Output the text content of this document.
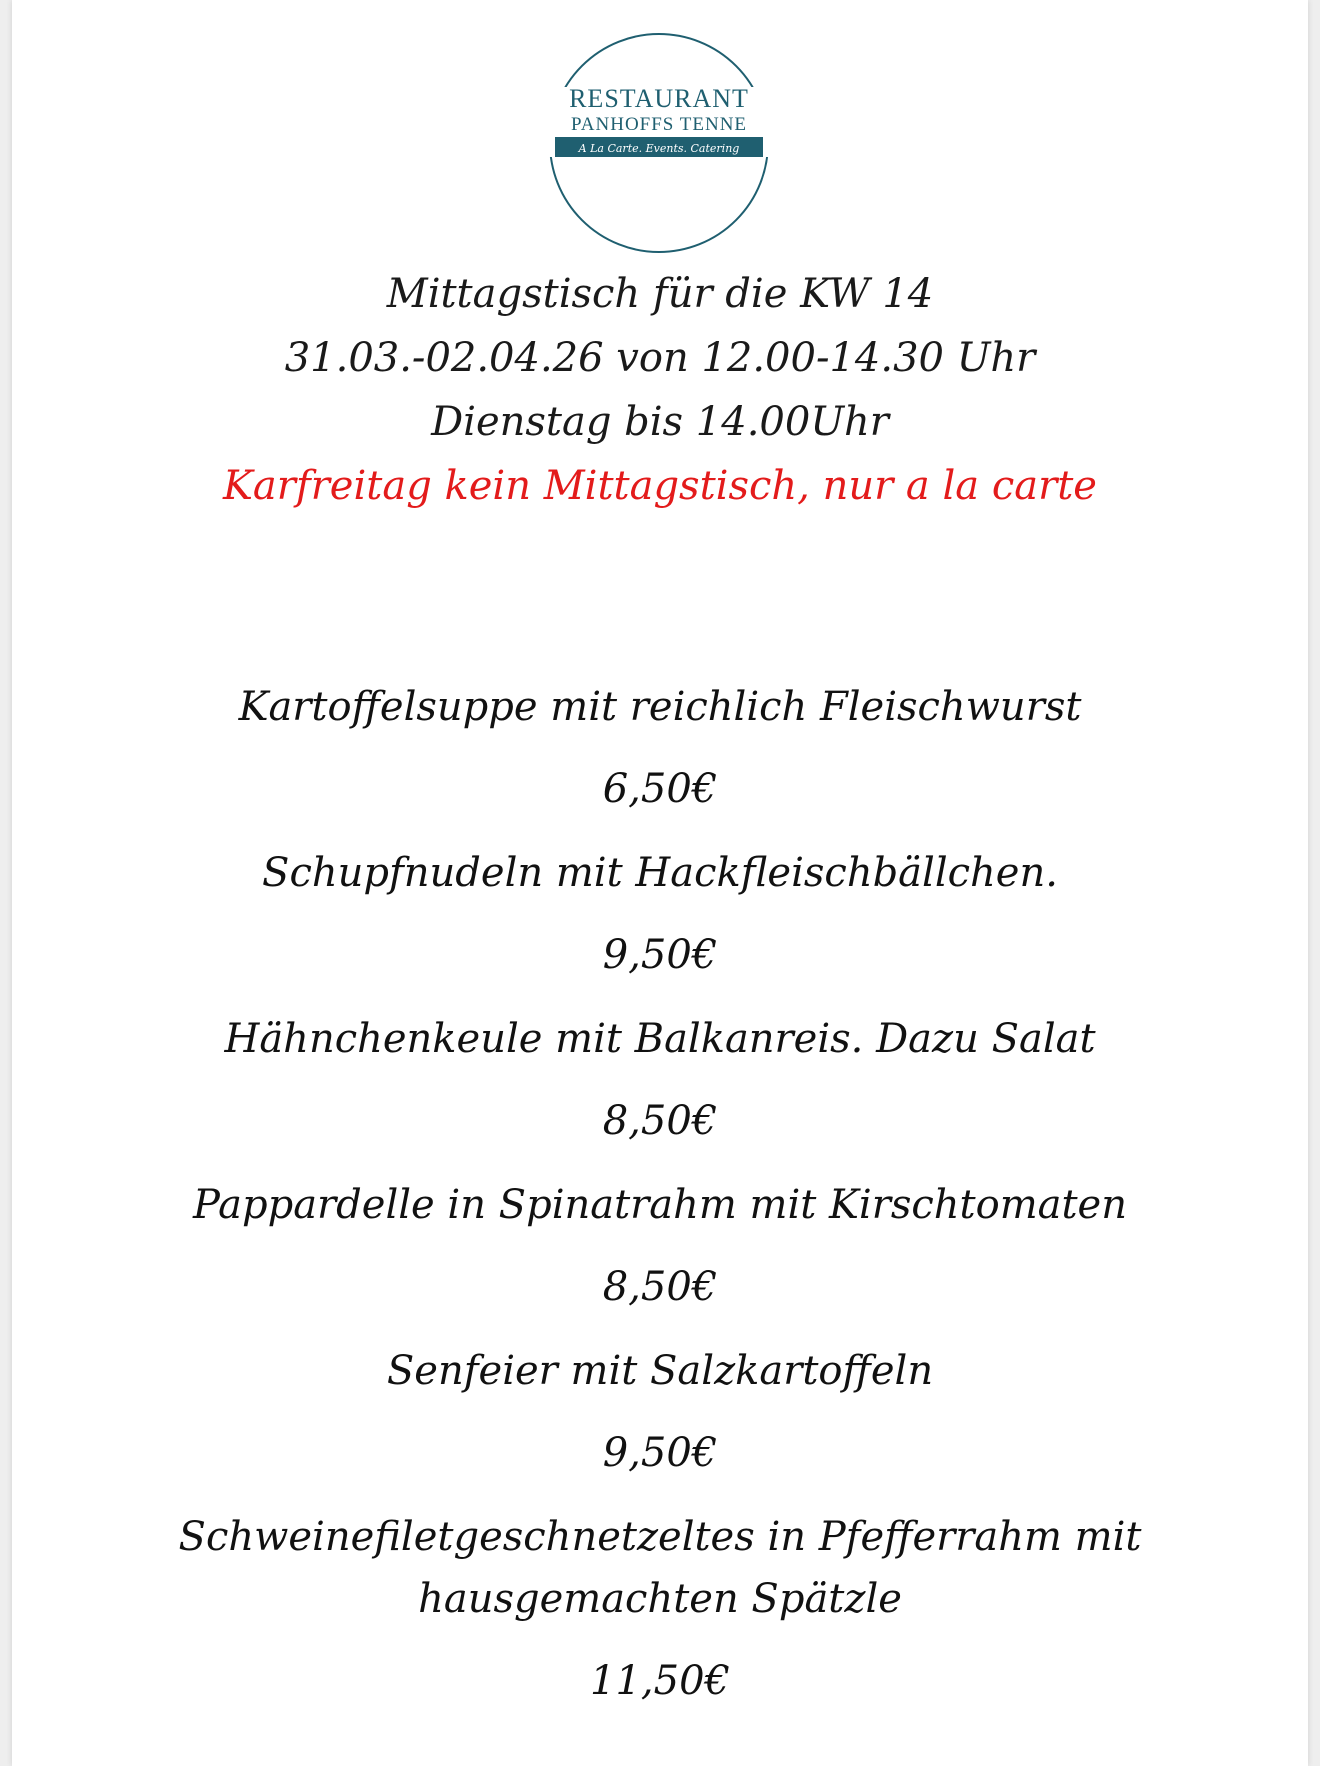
RESTAURANT
PANHOFFS TENNE
A La Carte. Events. Catering
Mittagstisch für die KW 14
31.03.-02.04.26 von 12.00-14.30 Uhr
Dienstag bis 14.00Uhr
Karfreitag kein Mittagstisch, nur a la carte
Kartoffelsuppe mit reichlich Fleischwurst
6,50€
Schupfnudeln mit Hackfleischbällchen.
9,50€
Hähnchenkeule mit Balkanreis. Dazu Salat
8,50€
Pappardelle in Spinatrahm mit Kirschtomaten
8,50€
Senfeier mit Salzkartoffeln
9,50€
Schweinefiletgeschnetzeltes in Pfefferrahm mit
hausgemachten Spätzle
11,50€
